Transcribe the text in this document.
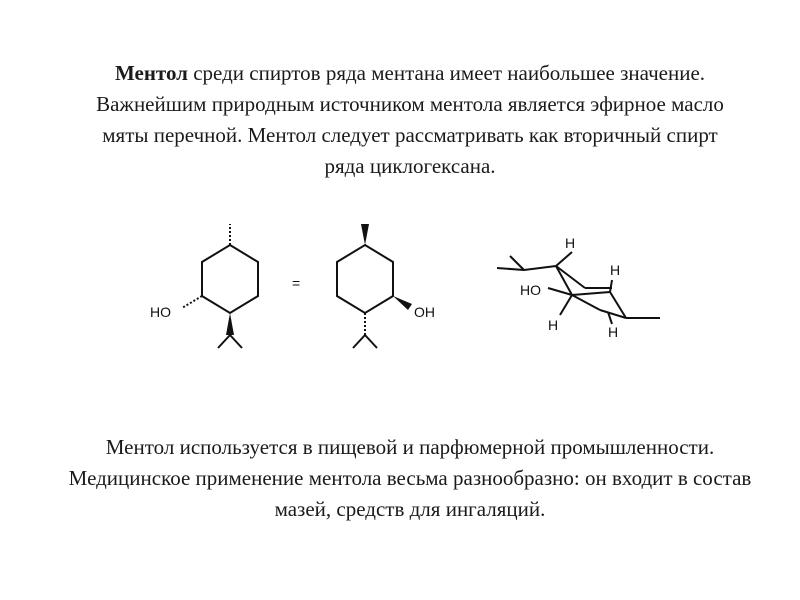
Ментол среди спиртов ряда ментана имеет наибольшее значение. Важнейшим природным источником ментола является эфирное масло мяты перечной. Ментол следует рассматривать как вторичный спирт ряда циклогексана.
HO
=
OH
H
H
HO
H	H
Ментол используется в пищевой и парфюмерной промышленности. Медицинское применение ментола весьма разнообразно: он входит в состав мазей, средств для ингаляций.
